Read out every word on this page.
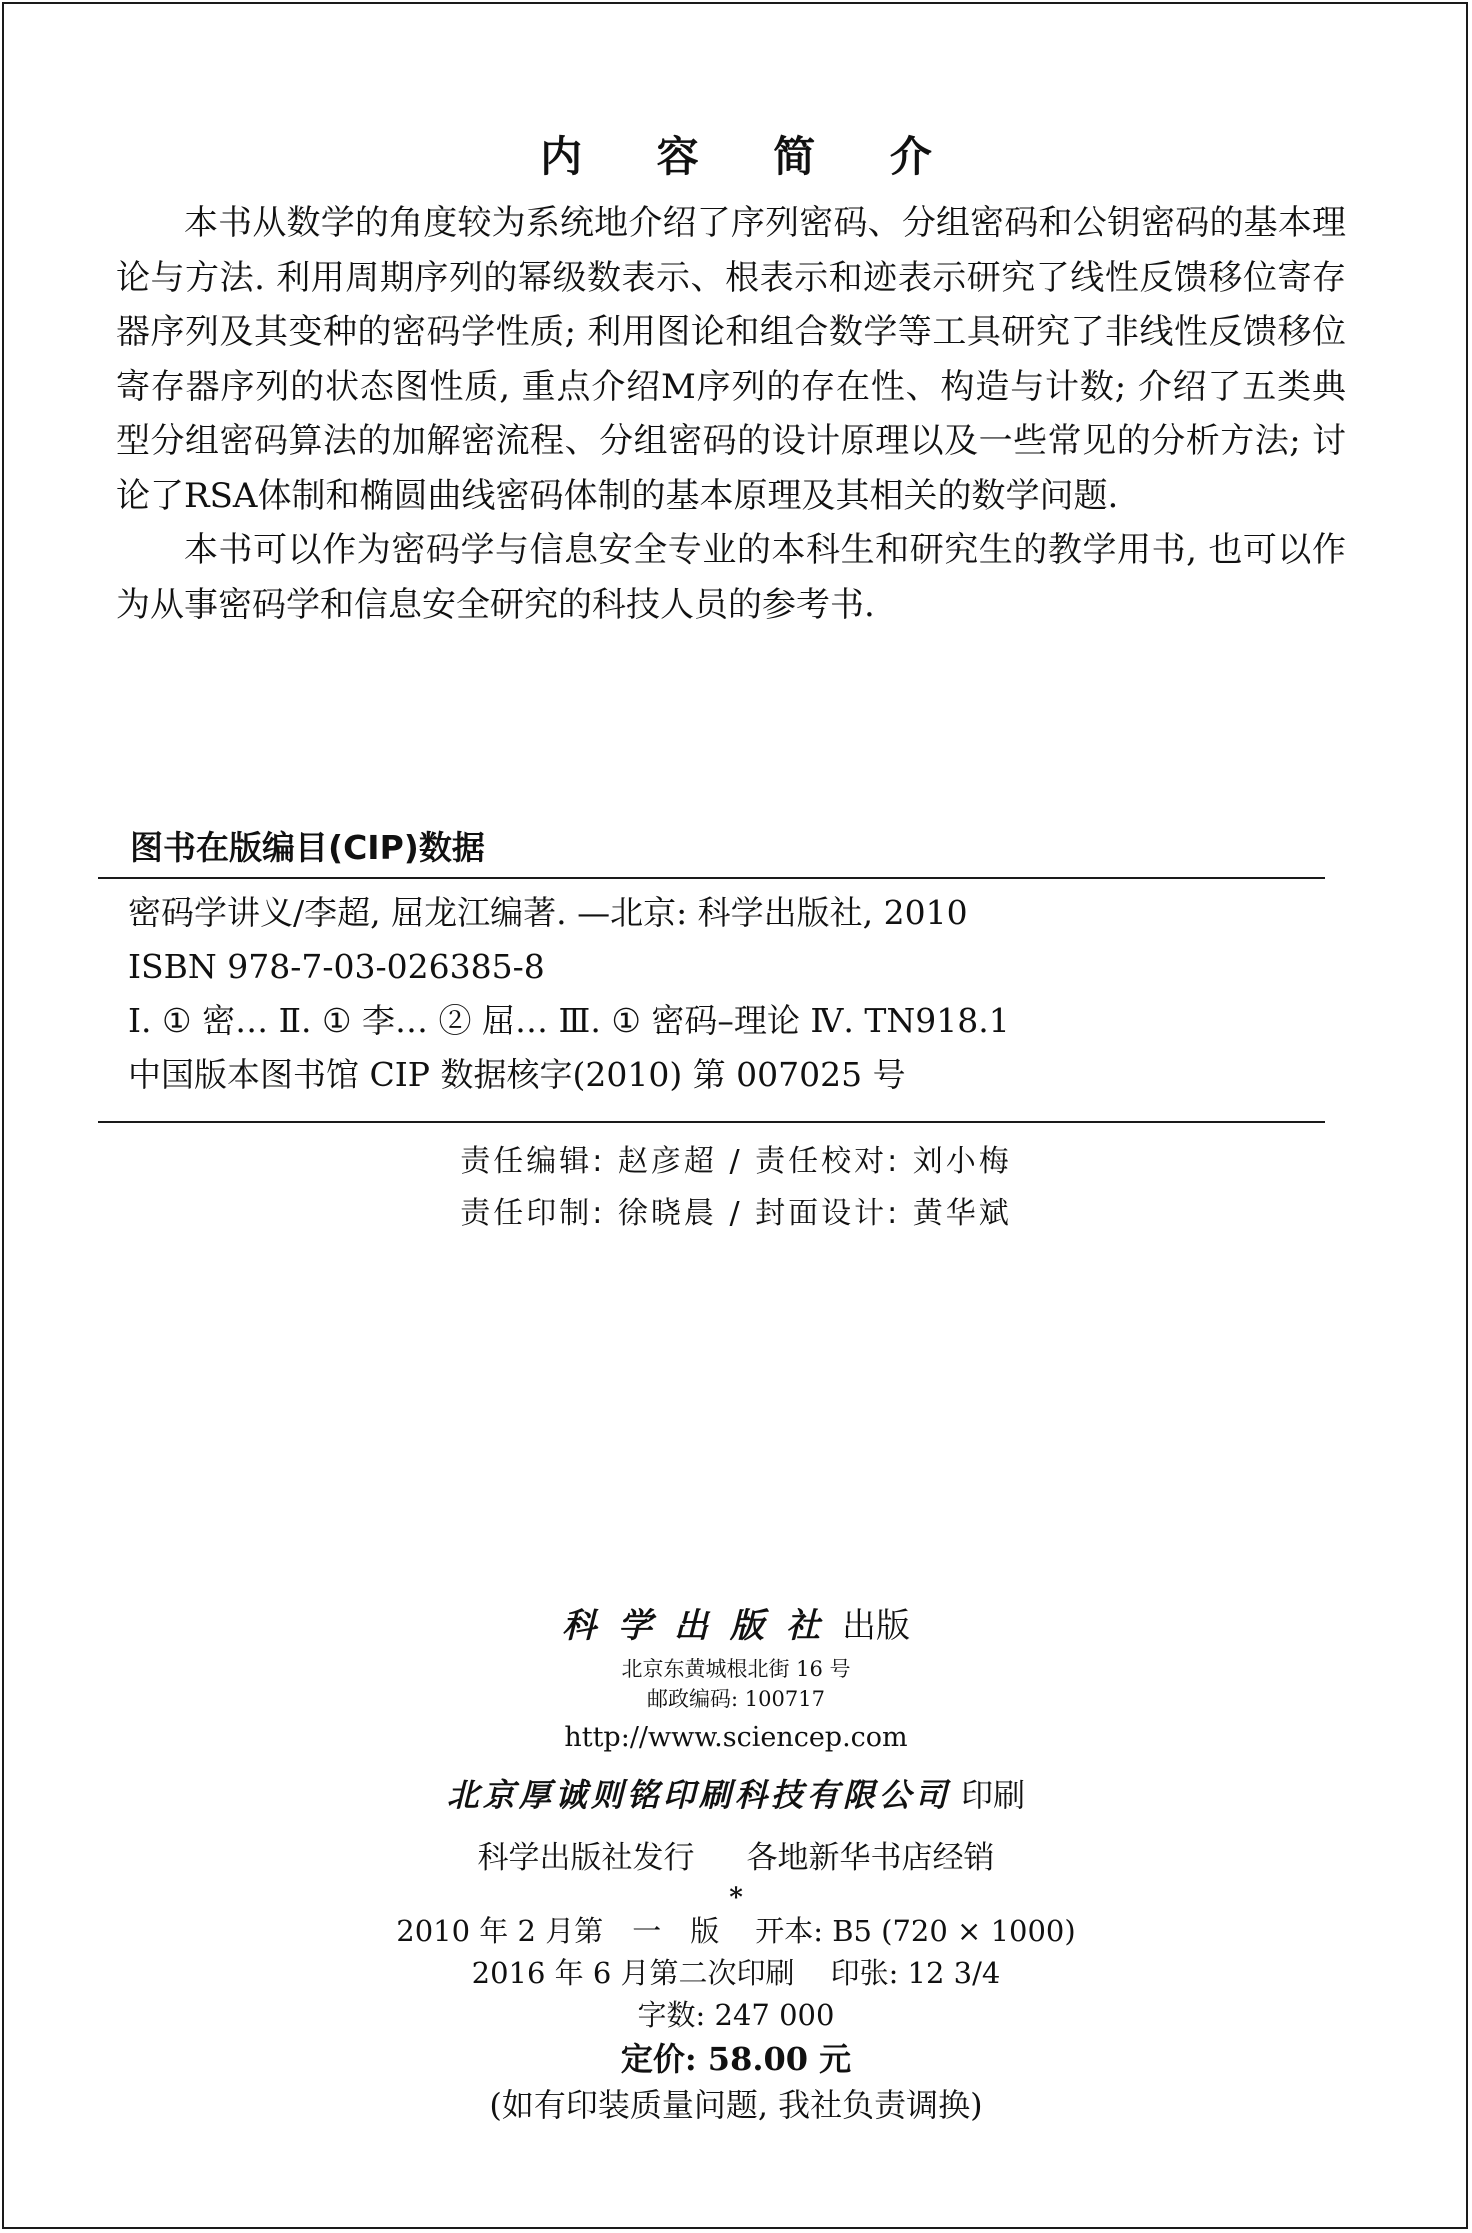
内 容 简 介

本书从数学的角度较为系统地介绍了序列密码、分组密码和公钥密码的基本理论与方法. 利用周期序列的幂级数表示、根表示和迹表示研究了线性反馈移位寄存器序列及其变种的密码学性质; 利用图论和组合数学等工具研究了非线性反馈移位寄存器序列的状态图性质, 重点介绍M序列的存在性、构造与计数; 介绍了五类典型分组密码算法的加解密流程、分组密码的设计原理以及一些常见的分析方法; 讨论了RSA体制和椭圆曲线密码体制的基本原理及其相关的数学问题.

本书可以作为密码学与信息安全专业的本科生和研究生的教学用书, 也可以作为从事密码学和信息安全研究的科技人员的参考书.

图书在版编目(CIP)数据
密码学讲义/李超, 屈龙江编著. —北京: 科学出版社, 2010
ISBN 978-7-03-026385-8
Ⅰ. ① 密… Ⅱ. ① 李… ② 屈… Ⅲ. ① 密码–理论 Ⅳ. TN918.1
中国版本图书馆 CIP 数据核字(2010) 第 007025 号
责任编辑: 赵彦超 / 责任校对: 刘小梅
责任印制: 徐晓晨 / 封面设计: 黄华斌
科学出版社出版
北京东黄城根北街 16 号
邮政编码: 100717
http://www.sciencep.com
北京厚诚则铭印刷科技有限公司 印刷
科学出版社发行 各地新华书店经销
*
2010 年 2 月第　一　版 开本: B5 (720 × 1000)
2016 年 6 月第二次印刷 印张: 12 3/4
字数: 247 000
定价: 58.00 元
(如有印装质量问题, 我社负责调换)
